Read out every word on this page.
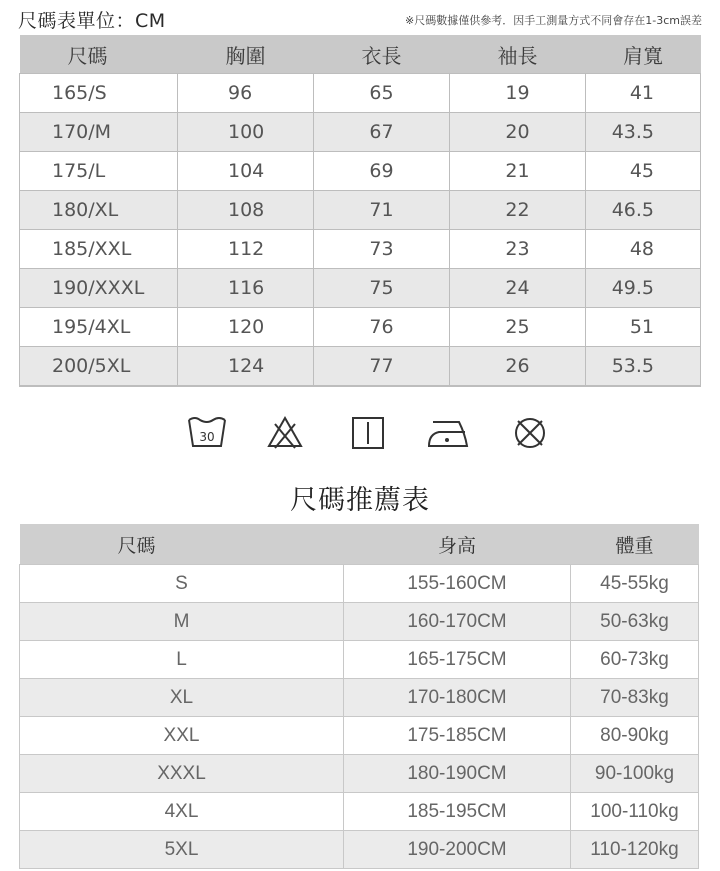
尺碼表單位：CM	※尺碼數據僅供參考．因手工測量方式不同會存在1-3cm誤差
尺碼	胸圍	衣長	袖長	肩寬
165/S	96	65	19	41
170/M	100	67	20	43.5
175/L	104	69	21	45
180/XL	108	71	22	46.5
185/XXL	112	73	23	48
190/XXXL	116	75	24	49.5
195/4XL	120	76	25	51
200/5XL	124	77	26	53.5
30
尺碼推薦表
尺碼	身高	體重
S	155-160CM	45-55kg
M	160-170CM	50-63kg
L	165-175CM	60-73kg
XL	170-180CM	70-83kg
XXL	175-185CM	80-90kg
XXXL	180-190CM	90-100kg
4XL	185-195CM	100-110kg
5XL	190-200CM	110-120kg
